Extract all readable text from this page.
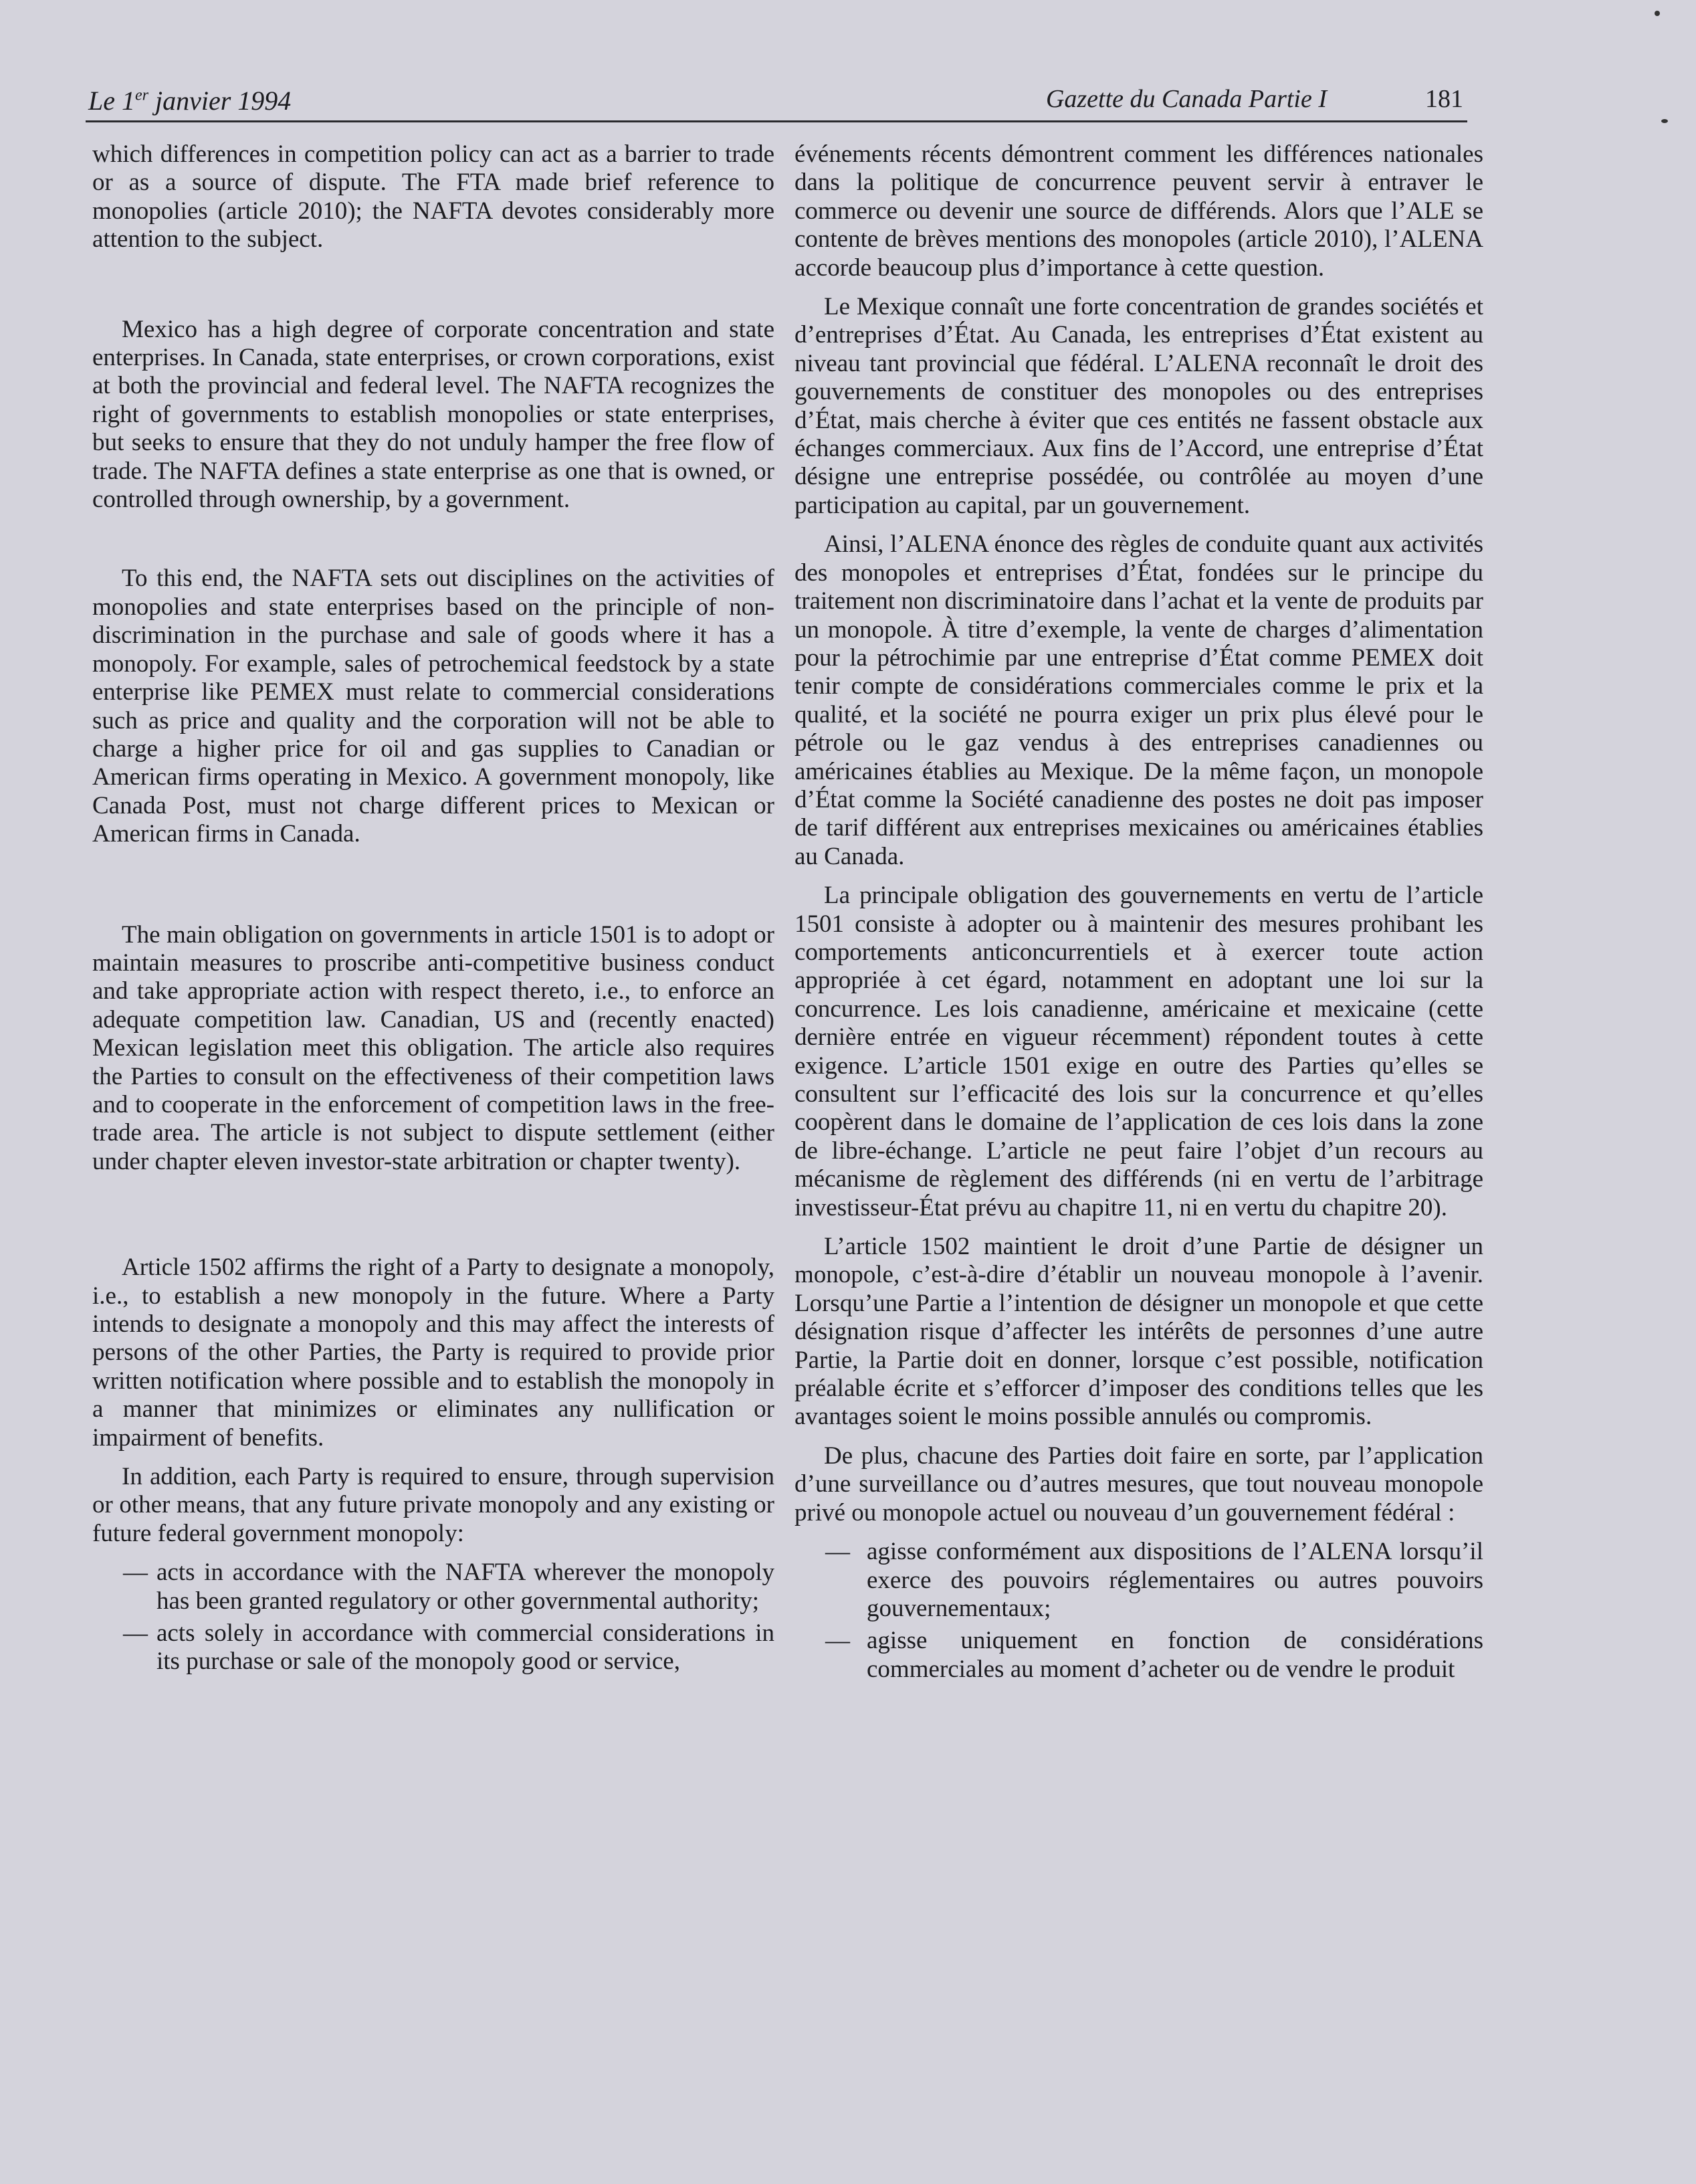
Le 1er janvier 1994	Gazette du Canada Partie I	181

which differences in competition policy can act as a barrier to trade or as a source of dispute. The FTA made brief reference to monopolies (article 2010); the NAFTA devotes considerably more attention to the subject.

Mexico has a high degree of corporate concentration and state enterprises. In Canada, state enterprises, or crown corporations, exist at both the provincial and federal level. The NAFTA recognizes the right of governments to establish monopolies or state enterprises, but seeks to ensure that they do not unduly hamper the free flow of trade. The NAFTA defines a state enterprise as one that is owned, or controlled through ownership, by a government.

To this end, the NAFTA sets out disciplines on the activities of monopolies and state enterprises based on the principle of non-discrimination in the purchase and sale of goods where it has a monopoly. For example, sales of petrochemical feedstock by a state enterprise like PEMEX must relate to commercial considerations such as price and quality and the corporation will not be able to charge a higher price for oil and gas supplies to Canadian or American firms operating in Mexico. A government monopoly, like Canada Post, must not charge different prices to Mexican or American firms in Canada.

The main obligation on governments in article 1501 is to adopt or maintain measures to proscribe anti-competitive business conduct and take appropriate action with respect thereto, i.e., to enforce an adequate competition law. Canadian, US and (recently enacted) Mexican legislation meet this obligation. The article also requires the Parties to consult on the effectiveness of their competition laws and to cooperate in the enforcement of competition laws in the free-trade area. The article is not subject to dispute settlement (either under chapter eleven investor-state arbitration or chapter twenty).

Article 1502 affirms the right of a Party to designate a monopoly, i.e., to establish a new monopoly in the future. Where a Party intends to designate a monopoly and this may affect the interests of persons of the other Parties, the Party is required to provide prior written notification where possible and to establish the monopoly in a manner that minimizes or eliminates any nullification or impairment of benefits.

In addition, each Party is required to ensure, through supervision or other means, that any future private monopoly and any existing or future federal government monopoly:

— acts in accordance with the NAFTA wherever the monopoly has been granted regulatory or other governmental authority;
— acts solely in accordance with commercial considerations in its purchase or sale of the monopoly good or service,

événements récents démontrent comment les différences nationales dans la politique de concurrence peuvent servir à entraver le commerce ou devenir une source de différends. Alors que l’ALE se contente de brèves mentions des monopoles (article 2010), l’ALENA accorde beaucoup plus d’importance à cette question.

Le Mexique connaît une forte concentration de grandes sociétés et d’entreprises d’État. Au Canada, les entreprises d’État existent au niveau tant provincial que fédéral. L’ALENA reconnaît le droit des gouvernements de constituer des monopoles ou des entreprises d’État, mais cherche à éviter que ces entités ne fassent obstacle aux échanges commerciaux. Aux fins de l’Accord, une entreprise d’État désigne une entreprise possédée, ou contrôlée au moyen d’une participation au capital, par un gouvernement.

Ainsi, l’ALENA énonce des règles de conduite quant aux activités des monopoles et entreprises d’État, fondées sur le principe du traitement non discriminatoire dans l’achat et la vente de produits par un monopole. À titre d’exemple, la vente de charges d’alimentation pour la pétrochimie par une entreprise d’État comme PEMEX doit tenir compte de considérations commerciales comme le prix et la qualité, et la société ne pourra exiger un prix plus élevé pour le pétrole ou le gaz vendus à des entreprises canadiennes ou américaines établies au Mexique. De la même façon, un monopole d’État comme la Société canadienne des postes ne doit pas imposer de tarif différent aux entreprises mexicaines ou américaines établies au Canada.

La principale obligation des gouvernements en vertu de l’article 1501 consiste à adopter ou à maintenir des mesures prohibant les comportements anticoncurrentiels et à exercer toute action appropriée à cet égard, notamment en adoptant une loi sur la concurrence. Les lois canadienne, américaine et mexicaine (cette dernière entrée en vigueur récemment) répondent toutes à cette exigence. L’article 1501 exige en outre des Parties qu’elles se consultent sur l’efficacité des lois sur la concurrence et qu’elles coopèrent dans le domaine de l’application de ces lois dans la zone de libre-échange. L’article ne peut faire l’objet d’un recours au mécanisme de règlement des différends (ni en vertu de l’arbitrage investisseur-État prévu au chapitre 11, ni en vertu du chapitre 20).

L’article 1502 maintient le droit d’une Partie de désigner un monopole, c’est-à-dire d’établir un nouveau monopole à l’avenir. Lorsqu’une Partie a l’intention de désigner un monopole et que cette désignation risque d’affecter les intérêts de personnes d’une autre Partie, la Partie doit en donner, lorsque c’est possible, notification préalable écrite et s’efforcer d’imposer des conditions telles que les avantages soient le moins possible annulés ou compromis.

De plus, chacune des Parties doit faire en sorte, par l’application d’une surveillance ou d’autres mesures, que tout nouveau monopole privé ou monopole actuel ou nouveau d’un gouvernement fédéral :

— agisse conformément aux dispositions de l’ALENA lorsqu’il exerce des pouvoirs réglementaires ou autres pouvoirs gouvernementaux;
— agisse uniquement en fonction de considérations commerciales au moment d’acheter ou de vendre le produit
